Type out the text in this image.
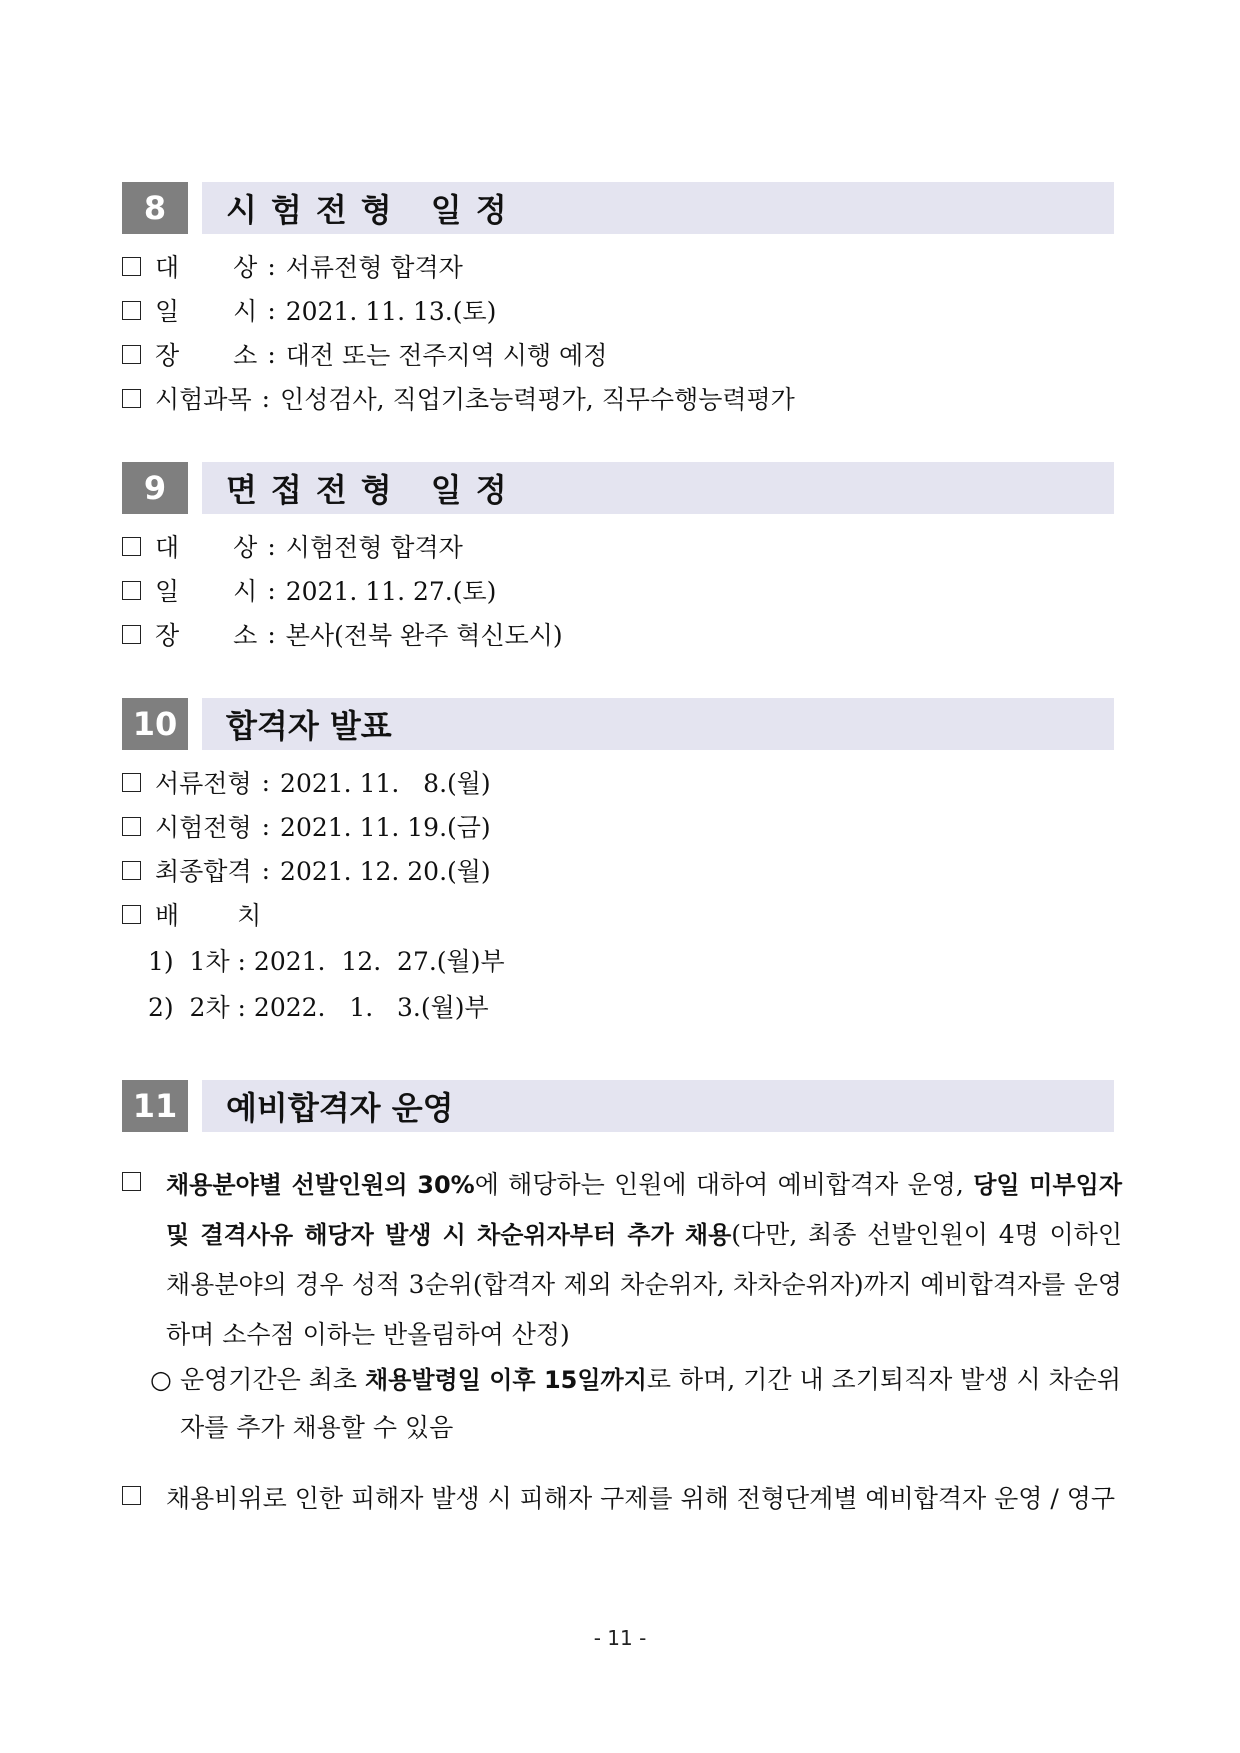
8	시험전형 일정
대 상 : 서류전형 합격자
일 시 : 2021. 11. 13.(토)
장 소 : 대전 또는 전주지역 시행 예정
시험과목 : 인성검사, 직업기초능력평가, 직무수행능력평가
9	면접전형 일정
대 상 : 시험전형 합격자
일 시 : 2021. 11. 27.(토)
장 소 : 본사(전북 완주 혁신도시)
10	합격자 발표
서류전형 : 2021. 11.   8.(월)
시험전형 : 2021. 11. 19.(금)
최종합격 : 2021. 12. 20.(월)
배 치
1)  1차 : 2021.  12.  27.(월)부
2)  2차 : 2022.   1.   3.(월)부
11	예비합격자 운영
채용분야별 선발인원의 30%에 해당하는 인원에 대하여 예비합격자 운영, 당일 미부임자 및 결격사유 해당자 발생 시 차순위자부터 추가 채용(다만, 최종 선발인원이 4명 이하인 채용분야의 경우 성적 3순위(합격자 제외 차순위자, 차차순위자)까지 예비합격자를 운영하며 소수점 이하는 반올림하여 산정)
○ 운영기간은 최초 채용발령일 이후 15일까지로 하며, 기간 내 조기퇴직자 발생 시 차순위자를 추가 채용할 수 있음
채용비위로 인한 피해자 발생 시 피해자 구제를 위해 전형단계별 예비합격자 운영 / 영구
- 11 -
